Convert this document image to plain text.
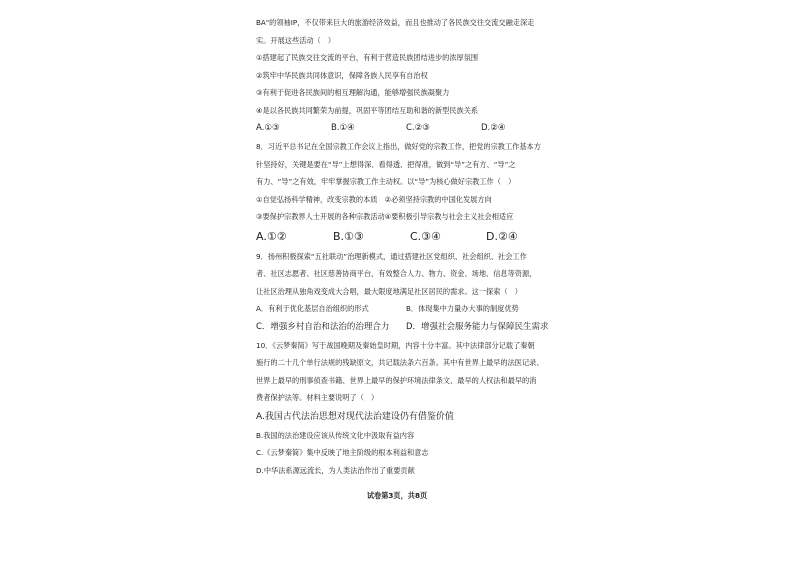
BA"的领袖IP，不仅带来巨大的旅游经济效益，而且也推动了各民族交往交流交融走深走
实。开展这些活动（　）
①搭建起了民族交往交流的平台，有利于营造民族团结进步的浓厚氛围
②筑牢中华民族共同体意识，保障各族人民享有自治权
③有利于促进各民族间的相互理解沟通，能够增强民族凝聚力
④是以各民族共同繁荣为前提，巩固平等团结互助和谐的新型民族关系
A.①③	B.①④	C.②③	D.②④
8．习近平总书记在全国宗教工作会议上指出，做好党的宗教工作，把党的宗教工作基本方
针坚持好，关键是要在“导”上想得深、看得透、把得准，做到“导”之有方、“导”之
有力、“导”之有效，牢牢掌握宗教工作主动权。以“导”为核心做好宗教工作（　）
①自觉弘扬科学精神，改变宗教的本质　②必须坚持宗教的中国化发展方向
③要保护宗教界人士开展的各种宗教活动④要积极引导宗教与社会主义社会相适应
A.①②	B.①③	C.③④	D.②④
9．扬州积极探索“五社联动”治理新模式，通过搭建社区党组织、社会组织、社会工作
者、社区志愿者、社区慈善协商平台，有效整合人力、物力、资金、场地、信息等资源，
让社区治理从独角戏变成大合唱，最大限度地满足社区居民的需求。这一探索（　）
A．有利于优化基层自治组织的形式	B．体现集中力量办大事的制度优势
C．增强乡村自治和法治的治理合力	D．增强社会服务能力与保障民生需求
10．《云梦秦简》写于战国晚期及秦始皇时期，内容十分丰富。其中法律部分记载了秦朝
施行的二十几个单行法规的残缺原文，共记载法条六百条。其中有世界上最早的法医记录、
世界上最早的刑事侦查书籍、世界上最早的保护环境法律条文、最早的人权法和最早的消
费者保护法等。材料主要说明了（　）
A.我国古代法治思想对现代法治建设仍有借鉴价值
B.我国的法治建设应该从传统文化中汲取有益内容
C.《云梦秦简》集中反映了地主阶级的根本利益和意志
D.中华法系源远流长，为人类法治作出了重要贡献
试卷第3页，共8页
